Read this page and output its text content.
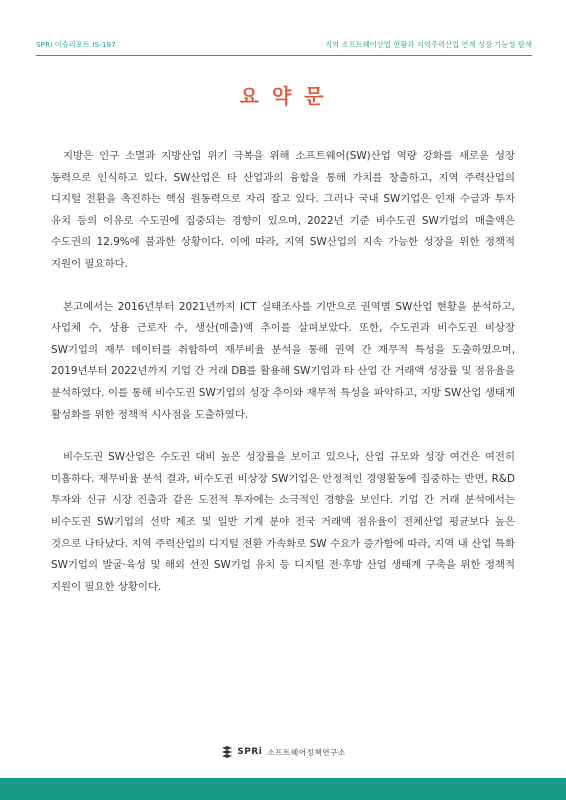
SPRi 이슈리포트 IS-197	지역 소프트웨어산업 현황과 지역주력산업 연계 성장 가능성 탐색
요 약 문

지방은 인구 소멸과 지방산업 위기 극복을 위해 소프트웨어(SW)산업 역량 강화를 새로운 성장 동력으로 인식하고 있다. SW산업은 타 산업과의 융합을 통해 가치를 창출하고, 지역 주력산업의 디지털 전환을 촉진하는 핵심 원동력으로 자리 잡고 있다. 그러나 국내 SW기업은 인재 수급과 투자 유치 등의 이유로 수도권에 집중되는 경향이 있으며, 2022년 기준 비수도권 SW기업의 매출액은 수도권의 12.9%에 불과한 상황이다. 이에 따라, 지역 SW산업의 지속 가능한 성장을 위한 정책적 지원이 필요하다.

본고에서는 2016년부터 2021년까지 ICT 실태조사를 기반으로 권역별 SW산업 현황을 분석하고, 사업체 수, 상용 근로자 수, 생산(매출)액 추이를 살펴보았다. 또한, 수도권과 비수도권 비상장 SW기업의 재무 데이터를 취합하여 재무비율 분석을 통해 권역 간 재무적 특성을 도출하였으며, 2019년부터 2022년까지 기업 간 거래 DB를 활용해 SW기업과 타 산업 간 거래액 성장률 및 점유율을 분석하였다. 이를 통해 비수도권 SW기업의 성장 추이와 재무적 특성을 파악하고, 지방 SW산업 생태계 활성화를 위한 정책적 시사점을 도출하였다.

비수도권 SW산업은 수도권 대비 높은 성장률을 보이고 있으나, 산업 규모와 성장 여건은 여전히 미흡하다. 재무비율 분석 결과, 비수도권 비상장 SW기업은 안정적인 경영활동에 집중하는 반면, R&D 투자와 신규 시장 진출과 같은 도전적 투자에는 소극적인 경향을 보인다. 기업 간 거래 분석에서는 비수도권 SW기업의 선박 제조 및 일반 기계 분야 전국 거래액 점유율이 전체산업 평균보다 높은 것으로 나타났다. 지역 주력산업의 디지털 전환 가속화로 SW 수요가 증가함에 따라, 지역 내 산업 특화 SW기업의 발굴·육성 및 해외 선진 SW기업 유치 등 디지털 전·후방 산업 생태계 구축을 위한 정책적 지원이 필요한 상황이다.

SPRi 소프트웨어정책연구소
